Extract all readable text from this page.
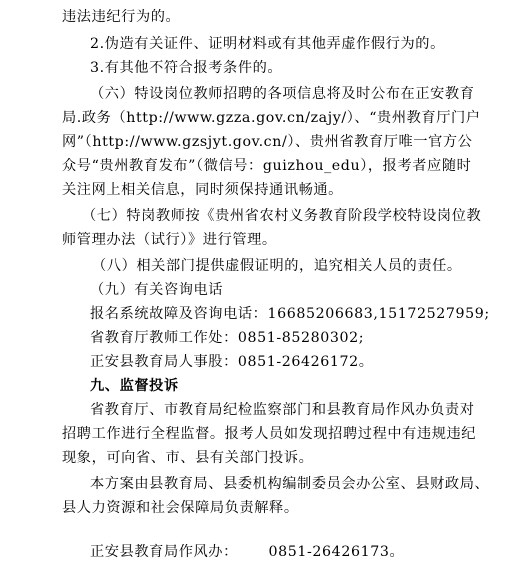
违法违纪行为的。
2.伪造有关证件、证明材料或有其他弄虚作假行为的。
3.有其他不符合报考条件的。
（六）特设岗位教师招聘的各项信息将及时公布在正安教育
局.政务（http://www.gzza.gov.cn/zajy/）、“贵州教育厅门户
网”（http://www.gzsjyt.gov.cn/）、贵州省教育厅唯一官方公
众号“贵州教育发布”（微信号：guizhou_edu），报考者应随时
关注网上相关信息，同时须保持通讯畅通。
（七）特岗教师按《贵州省农村义务教育阶段学校特设岗位教
师管理办法（试行）》进行管理。
（八）相关部门提供虚假证明的，追究相关人员的责任。
（九）有关咨询电话
报名系统故障及咨询电话：16685206683,15172527959;
省教育厅教师工作处：0851-85280302;
正安县教育局人事股：0851-26426172。
九、监督投诉
省教育厅、市教育局纪检监察部门和县教育局作风办负责对
招聘工作进行全程监督。报考人员如发现招聘过程中有违规违纪
现象，可向省、市、县有关部门投诉。
本方案由县教育局、县委机构编制委员会办公室、县财政局、
县人力资源和社会保障局负责解释。
正安县教育局作风办：      0851-26426173。
